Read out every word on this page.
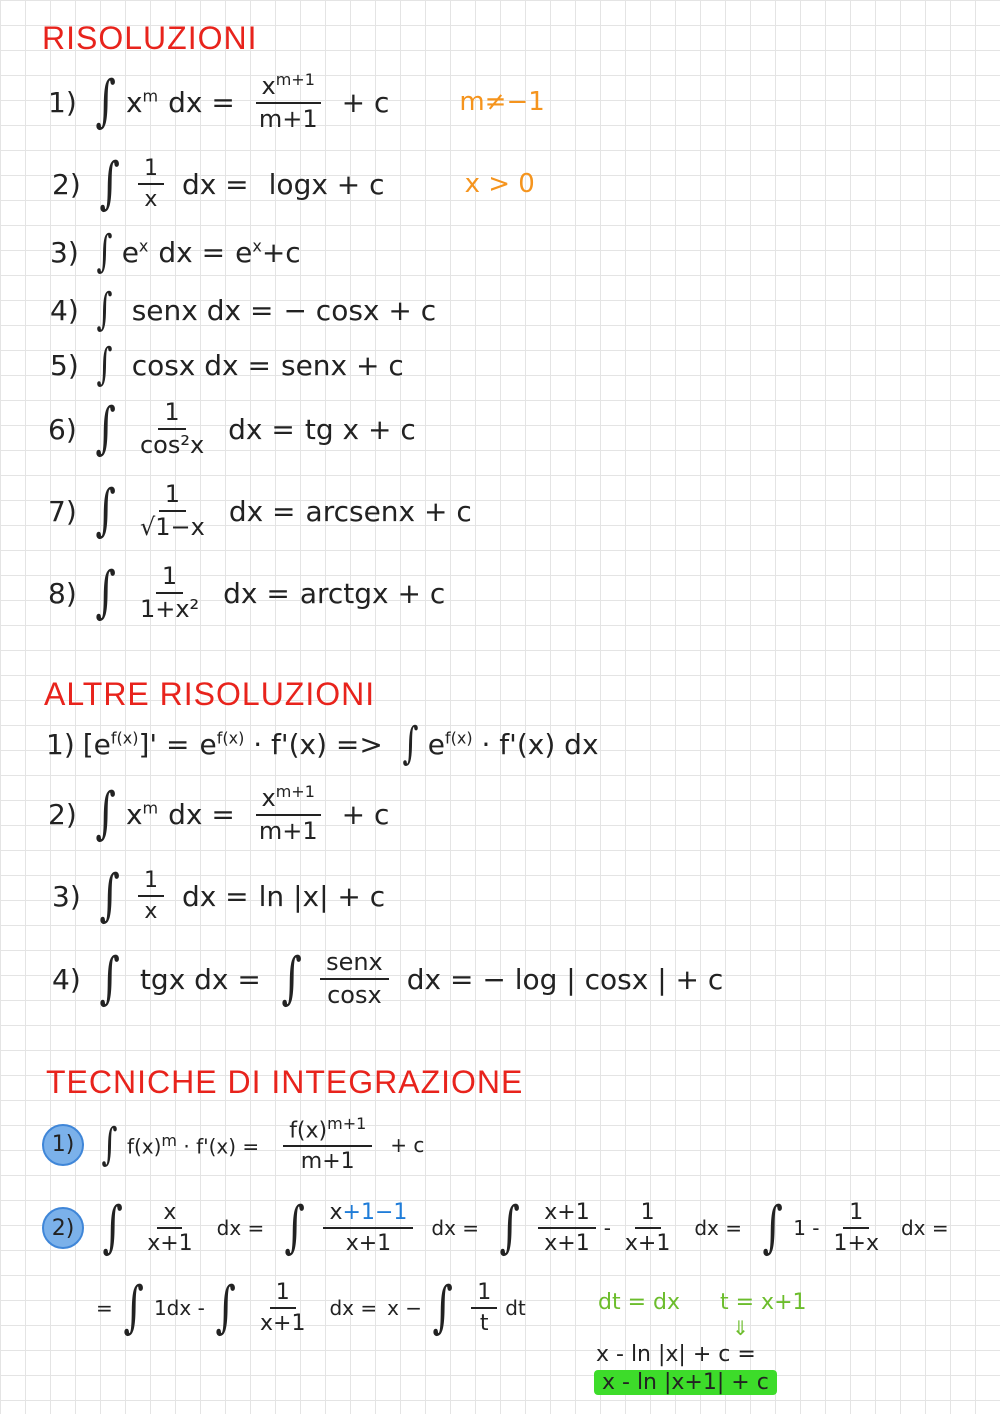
RISOLUZIONI
1) ∫ $x^m$ dx = $\frac{x^{m+1}}{m+1} + c$	m≠−1
2) ∫ $\frac{1}{x}$ dx = logx + c	x > 0
3) ∫ $e^x$ dx = $e^x+c$
4) ∫ senx dx = − cosx + c
5) ∫ cosx dx = senx + c
6) ∫ $\frac{1}{\text{cos²x}}$ dx = tg x + c
7) ∫ $\frac{1}{√1-x}$ dx = arcsenx + c
8) ∫ $\frac{1}{\text{1+x²}}$ dx = arctgx + c
ALTRE RISOLUZIONI
1) $[e^{f(x)}]' = e^{f(x)} \cdot f'(x)$ => ∫ $e^{f(x)} \cdot f'(x)$ dx
2) ∫ $x^m$ dx = $\frac{x^{m+1}}{m+1} + c$
3) ∫ $\frac{1}{x}$ dx = ln |x| + c
4) ∫ tgx dx = ∫ $\frac{\text{senx}}{\cos x}$ dx = − log | cosx | + c
TECNICHE DI INTEGRAZIONE
1) ∫ $f(x)^m \cdot f'(x) = \frac{f(x)^{m+1}}{m+1} + c$
2) ∫ $\frac{x}{x+1}$ dx = ∫ $\frac{x+1-1}{x+1}$ dx = ∫ $\frac{x+1}{x+1} - \frac{1}{x+1}$ dx = ∫ $1 - \frac{1}{1+x}$ dx =
= ∫ 1dx - ∫ $\frac{1}{x+1}$ dx = x − ∫ $\frac{1}{t}$ dt	dt = dx t = x+1
⇓
x - ln |x| + c =
x - ln |x+1| + c
